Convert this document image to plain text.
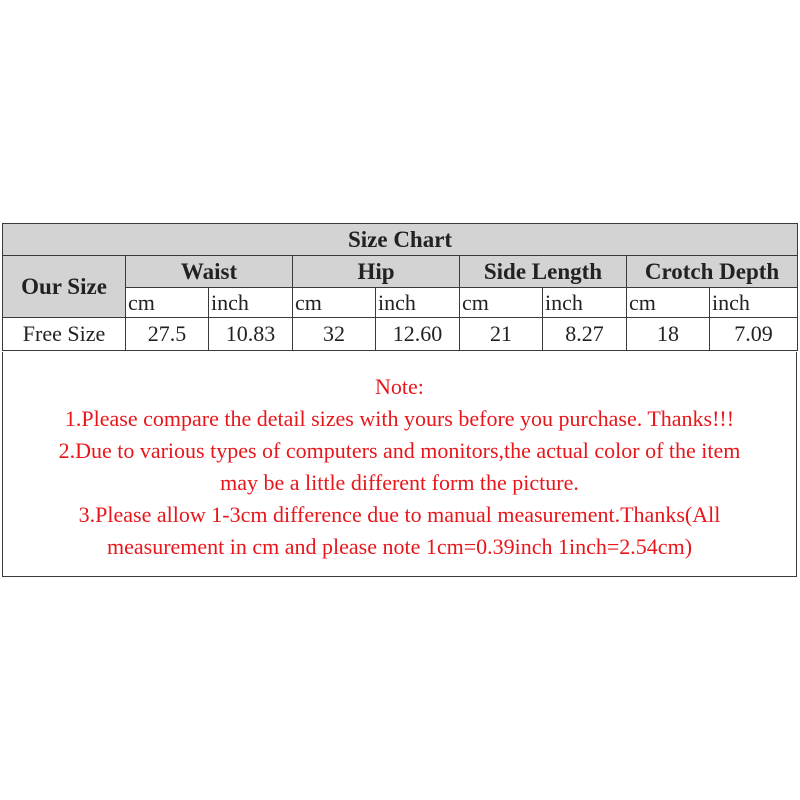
Size Chart								
Our Size	Waist		Hip		Side Length		Crotch Depth	
	cm	inch	cm	inch	cm	inch	cm	inch
Free Size	27.5	10.83	32	12.60	21	8.27	18	7.09

Note:

1.Please compare the detail sizes with yours before you purchase. Thanks!!!

2.Due to various types of computers and monitors,the actual color of the item

may be a little different form the picture.

3.Please allow 1-3cm difference due to manual measurement.Thanks(All

measurement in cm and please note 1cm=0.39inch 1inch=2.54cm)
